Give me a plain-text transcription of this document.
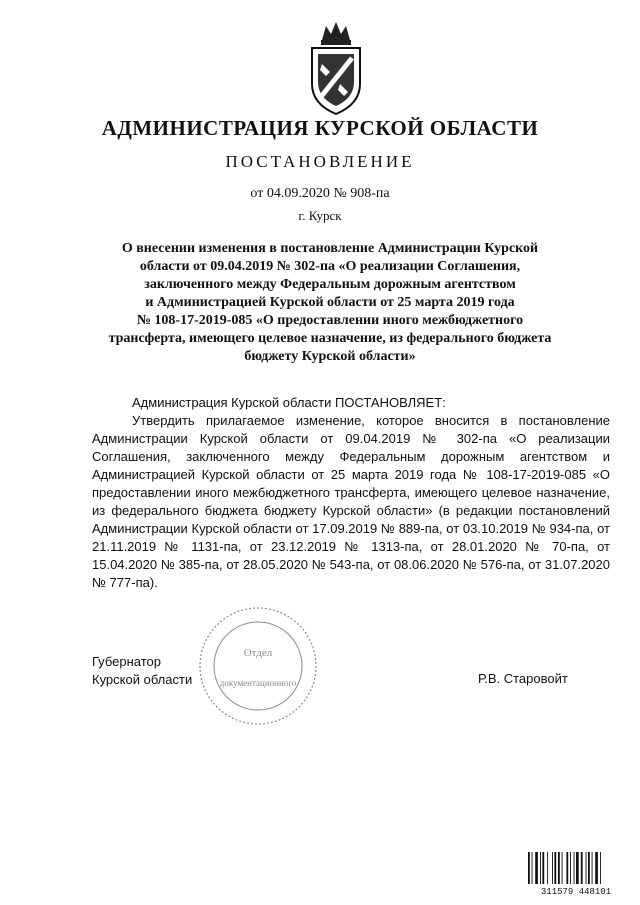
АДМИНИСТРАЦИЯ КУРСКОЙ ОБЛАСТИ
ПОСТАНОВЛЕНИЕ
от 04.09.2020 № 908-па
г. Курск
О внесении изменения в постановление Администрации Курской
области от 09.04.2019 № 302-па «О реализации Соглашения,
заключенного между Федеральным дорожным агентством
и Администрацией Курской области от 25 марта 2019 года
№ 108-17-2019-085 «О предоставлении иного межбюджетного
трансферта, имеющего целевое назначение, из федерального бюджета
бюджету Курской области»

Администрация Курской области ПОСТАНОВЛЯЕТ:

Утвердить прилагаемое изменение, которое вносится в постановление Администрации Курской области от 09.04.2019 № 302-па «О реализации Соглашения, заключенного между Федеральным дорожным агентством и Администрацией Курской области от 25 марта 2019 года № 108-17-2019-085 «О предоставлении иного межбюджетного трансферта, имеющего целевое назначение, из федерального бюджета бюджету Курской области» (в редакции постановлений Администрации Курской области от 17.09.2019 № 889-па, от 03.10.2019 № 934-па, от 21.11.2019 № 1131-па, от 23.12.2019 № 1313-па, от 28.01.2020 № 70-па, от 15.04.2020 № 385-па, от 28.05.2020 № 543-па, от 08.06.2020 № 576-па, от 31.07.2020 № 777-па).

Отдел
документационного
Губернатор
Курской области	Р.В. Старовойт
311579 448101
